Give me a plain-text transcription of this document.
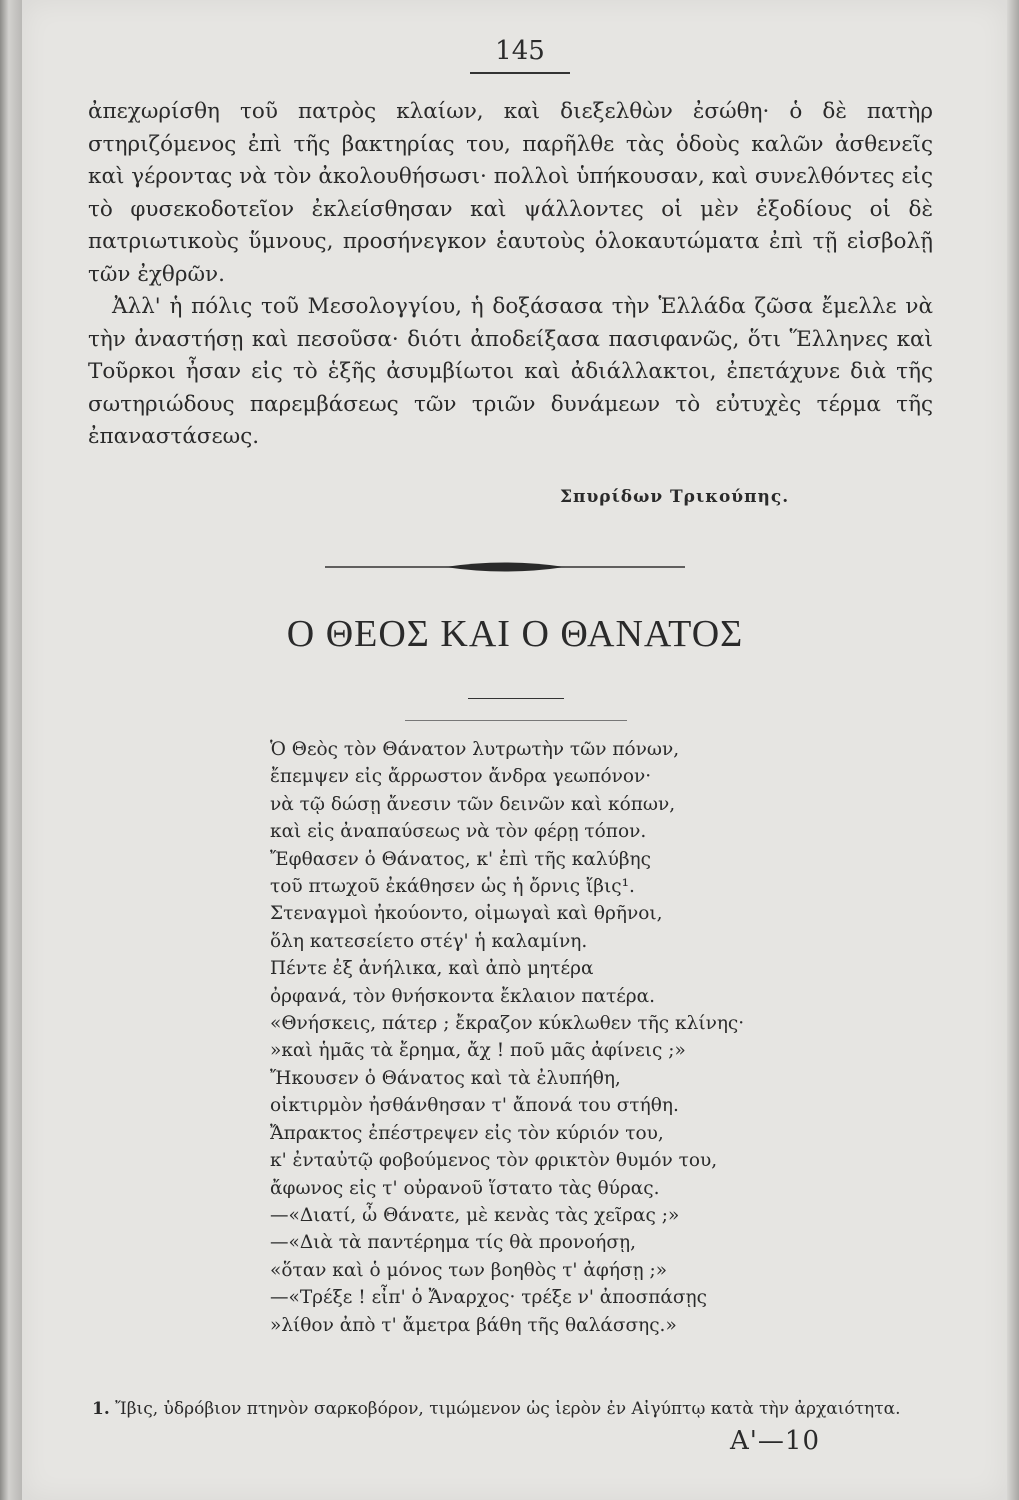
145

ἀπεχωρίσθη τοῦ πατρὸς κλαίων, καὶ διεξελθὼν ἐσώθη· ὁ δὲ πατὴρ στηριζόμενος ἐπὶ τῆς βακτηρίας του, παρῆλθε τὰς ὁδοὺς καλῶν ἀσθενεῖς καὶ γέροντας νὰ τὸν ἀκολουθήσωσι· πολλοὶ ὑπήκουσαν, καὶ συνελθόντες εἰς τὸ φυσεκοδοτεῖον ἐκλείσθησαν καὶ ψάλλοντες οἱ μὲν ἐξοδίους οἱ δὲ πατριωτικοὺς ὕμνους, προσήνεγκον ἑαυτοὺς ὁλοκαυτώματα ἐπὶ τῇ εἰσβολῇ τῶν ἐχθρῶν.

Ἀλλ' ἡ πόλις τοῦ Μεσολογγίου, ἡ δοξάσασα τὴν Ἑλλάδα ζῶσα ἔμελλε νὰ τὴν ἀναστήσῃ καὶ πεσοῦσα· διότι ἀποδείξασα πασιφανῶς, ὅτι Ἕλληνες καὶ Τοῦρκοι ἦσαν εἰς τὸ ἑξῆς ἀσυμβίωτοι καὶ ἀδιάλλακτοι, ἐπετάχυνε διὰ τῆς σωτηριώδους παρεμβάσεως τῶν τριῶν δυνάμεων τὸ εὐτυχὲς τέρμα τῆς ἐπαναστάσεως.

Σπυρίδων Τρικούπης.
Ο ΘΕΟΣ ΚΑΙ Ο ΘΑΝΑΤΟΣ
Ὁ Θεὸς τὸν Θάνατον λυτρωτὴν τῶν πόνων,
ἔπεμψεν εἰς ἄρρωστον ἄνδρα γεωπόνον·
νὰ τῷ δώσῃ ἄνεσιν τῶν δεινῶν καὶ κόπων,
καὶ εἰς ἀναπαύσεως νὰ τὸν φέρῃ τόπον.
Ἔφθασεν ὁ Θάνατος, κ' ἐπὶ τῆς καλύβης
τοῦ πτωχοῦ ἐκάθησεν ὡς ἡ ὄρνις ἴβις¹.
Στεναγμοὶ ἠκούοντο, οἰμωγαὶ καὶ θρῆνοι,
ὅλη κατεσείετο στέγ' ἡ καλαμίνη.
Πέντε ἐξ ἀνήλικα, καὶ ἀπὸ μητέρα
ὀρφανά, τὸν θνήσκοντα ἔκλαιον πατέρα.
«Θνήσκεις, πάτερ ; ἔκραζον κύκλωθεν τῆς κλίνης·
»καὶ ἡμᾶς τὰ ἔρημα, ἄχ ! ποῦ μᾶς ἀφίνεις ;»
Ἤκουσεν ὁ Θάνατος καὶ τὰ ἐλυπήθη,
οἰκτιρμὸν ἠσθάνθησαν τ' ἄπονά του στήθη.
Ἄπρακτος ἐπέστρεψεν εἰς τὸν κύριόν του,
κ' ἐνταὐτῷ φοβούμενος τὸν φρικτὸν θυμόν του,
ἄφωνος εἰς τ' οὐρανοῦ ἵστατο τὰς θύρας.
—«Διατί, ὦ Θάνατε, μὲ κενὰς τὰς χεῖρας ;»
—«Διὰ τὰ παντέρημα τίς θὰ προνοήσῃ,
«ὅταν καὶ ὁ μόνος των βοηθὸς τ' ἀφήσῃ ;»
—«Τρέξε ! εἶπ' ὁ Ἄναρχος· τρέξε ν' ἀποσπάσῃς
»λίθον ἀπὸ τ' ἄμετρα βάθη τῆς θαλάσσης.»
1. Ἴβις, ὑδρόβιον πτηνὸν σαρκοβόρον, τιμώμενον ὡς ἱερὸν ἐν Αἰγύπτῳ κατὰ τὴν ἀρχαιότητα.
Α'—10
